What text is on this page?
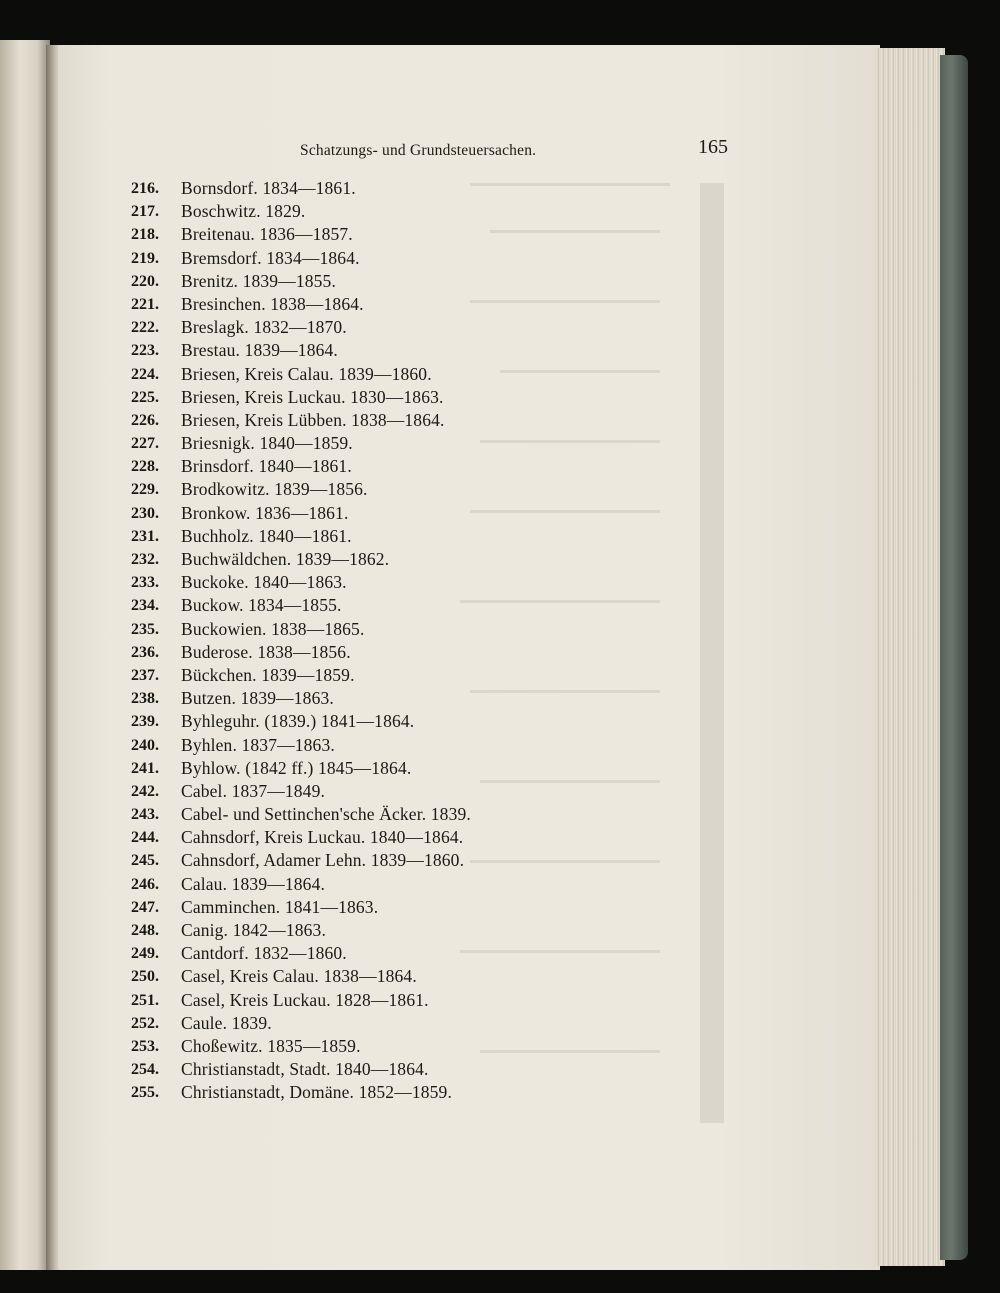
Schatzungs- und Grundsteuersachen.	165
216. Bornsdorf. 1834—1861.
217. Boschwitz. 1829.
218. Breitenau. 1836—1857.
219. Bremsdorf. 1834—1864.
220. Brenitz. 1839—1855.
221. Bresinchen. 1838—1864.
222. Breslagk. 1832—1870.
223. Brestau. 1839—1864.
224. Briesen, Kreis Calau. 1839—1860.
225. Briesen, Kreis Luckau. 1830—1863.
226. Briesen, Kreis Lübben. 1838—1864.
227. Briesnigk. 1840—1859.
228. Brinsdorf. 1840—1861.
229. Brodkowitz. 1839—1856.
230. Bronkow. 1836—1861.
231. Buchholz. 1840—1861.
232. Buchwäldchen. 1839—1862.
233. Buckoke. 1840—1863.
234. Buckow. 1834—1855.
235. Buckowien. 1838—1865.
236. Buderose. 1838—1856.
237. Bückchen. 1839—1859.
238. Butzen. 1839—1863.
239. Byhleguhr. (1839.) 1841—1864.
240. Byhlen. 1837—1863.
241. Byhlow. (1842 ff.) 1845—1864.
242. Cabel. 1837—1849.
243. Cabel- und Settinchen'sche Äcker. 1839.
244. Cahnsdorf, Kreis Luckau. 1840—1864.
245. Cahnsdorf, Adamer Lehn. 1839—1860.
246. Calau. 1839—1864.
247. Camminchen. 1841—1863.
248. Canig. 1842—1863.
249. Cantdorf. 1832—1860.
250. Casel, Kreis Calau. 1838—1864.
251. Casel, Kreis Luckau. 1828—1861.
252. Caule. 1839.
253. Choßewitz. 1835—1859.
254. Christianstadt, Stadt. 1840—1864.
255. Christianstadt, Domäne. 1852—1859.
